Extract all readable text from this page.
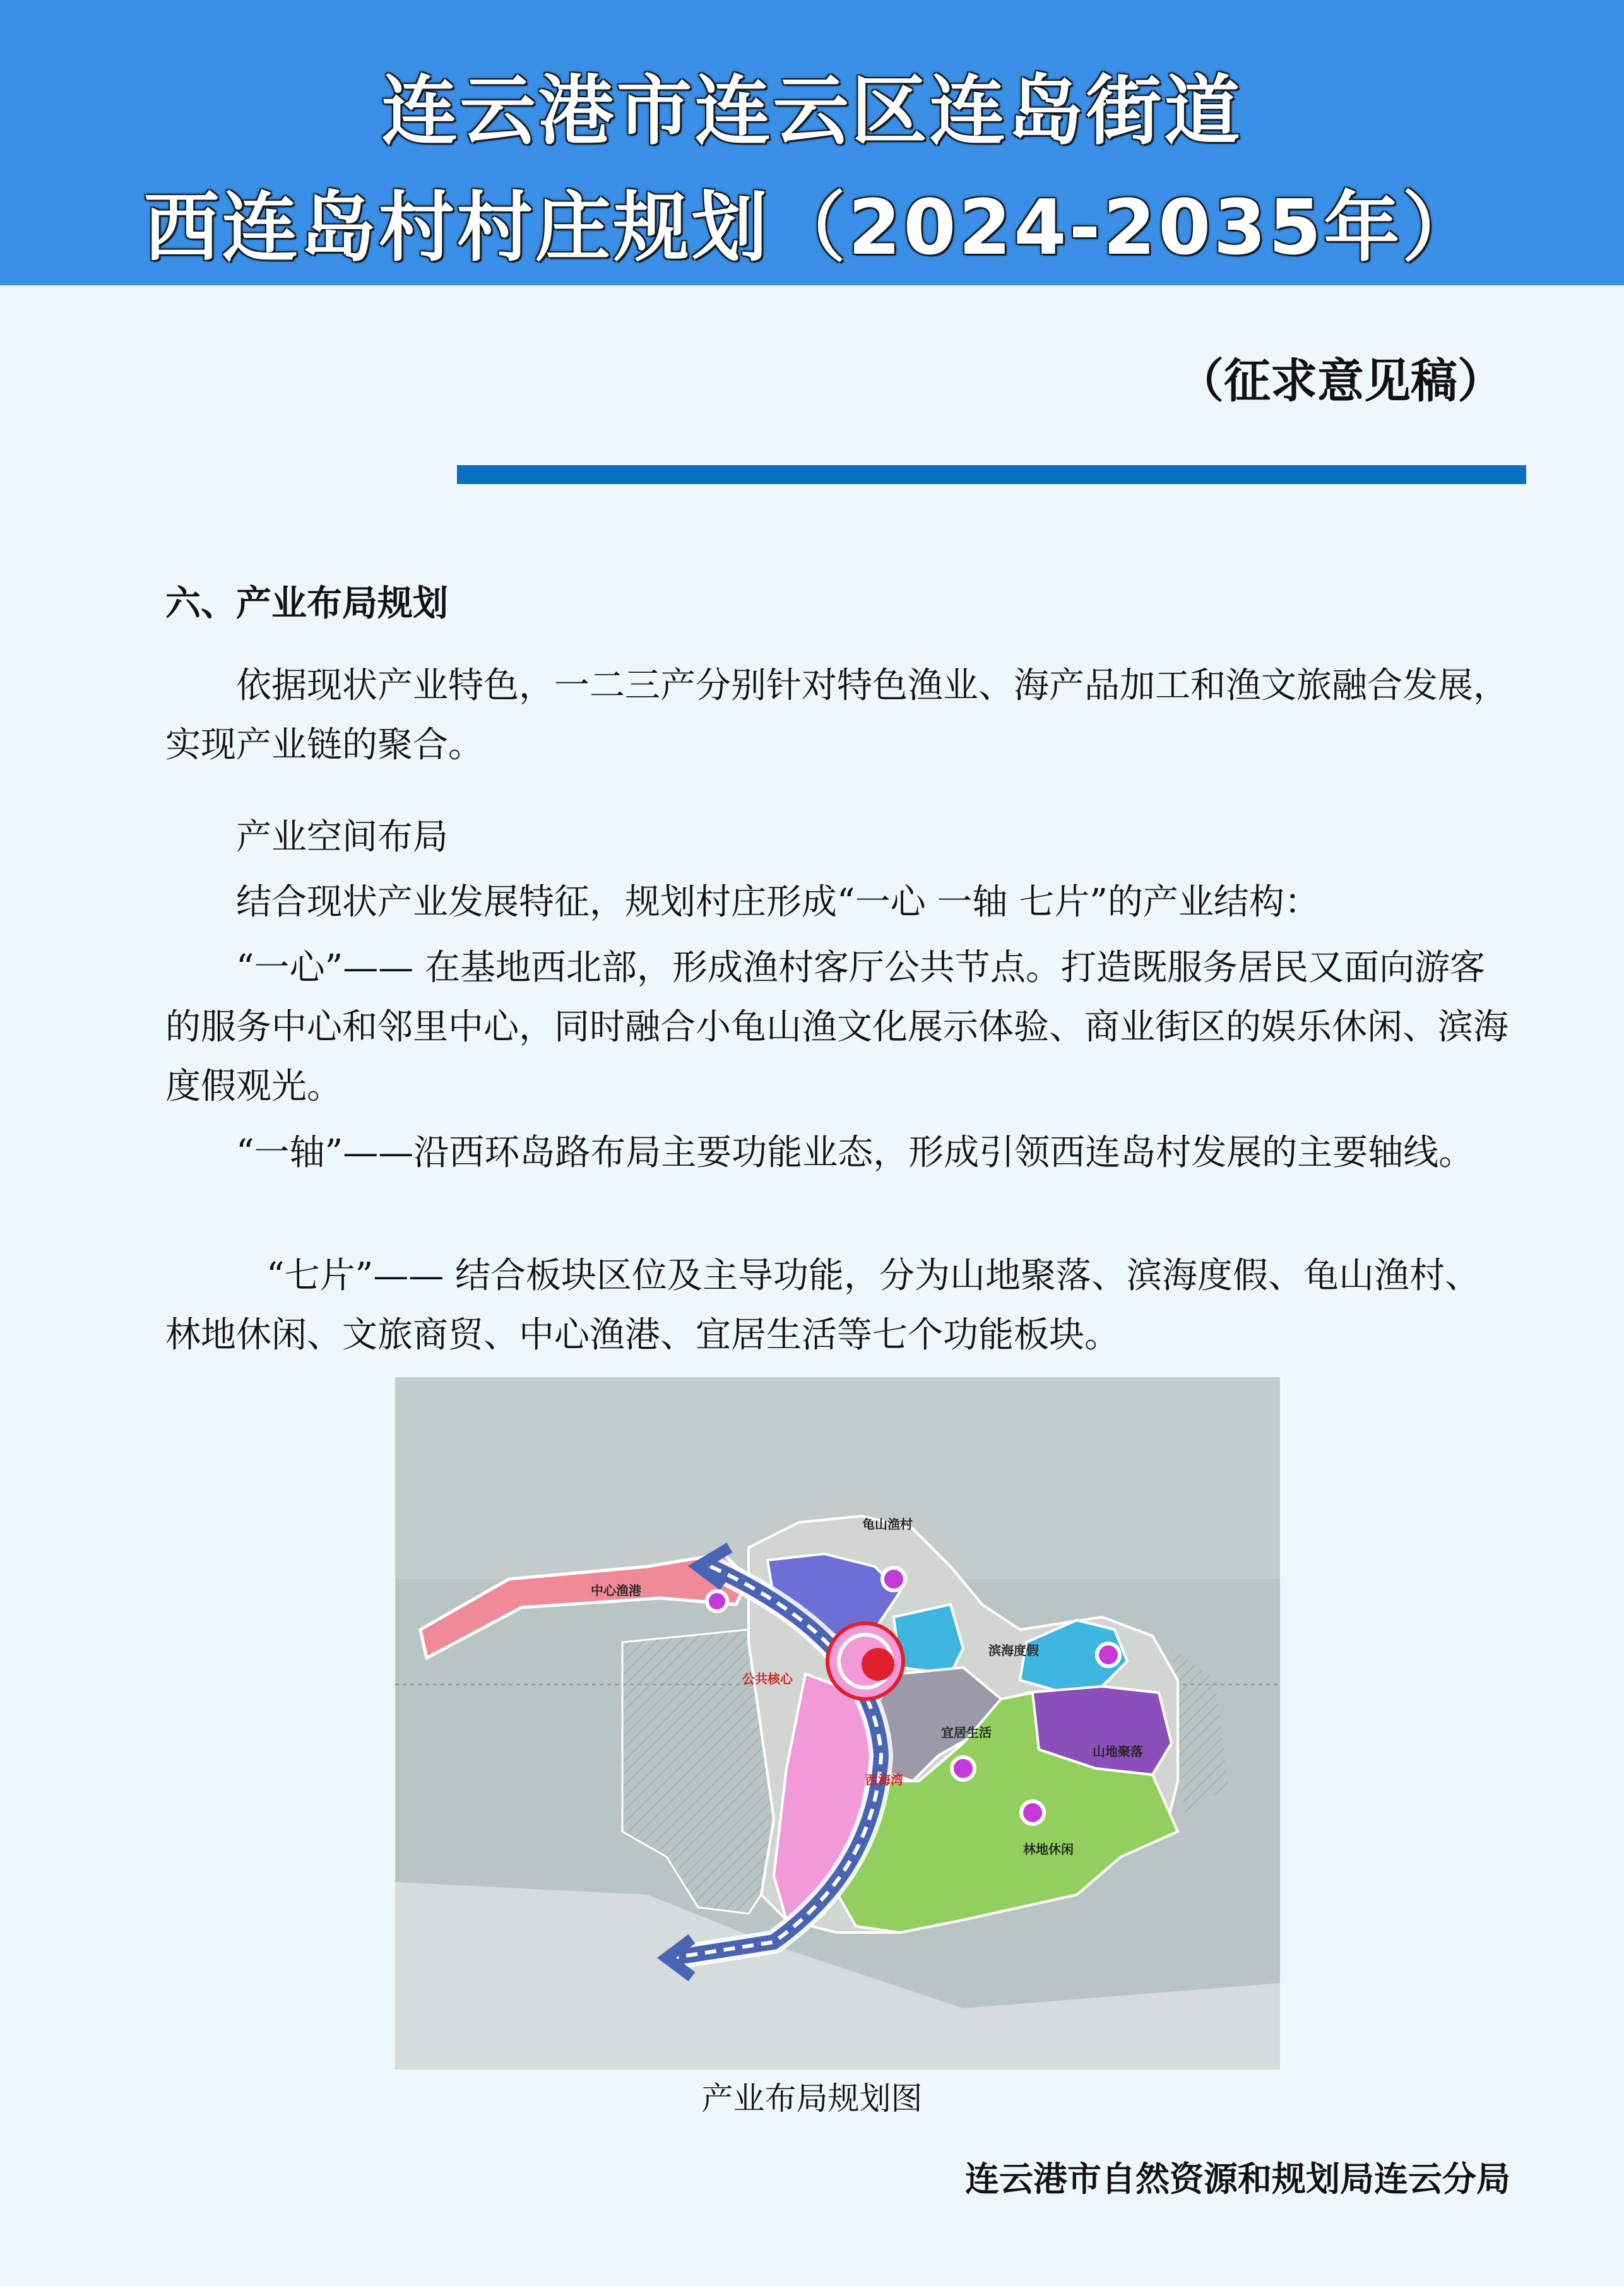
连云港市连云区连岛街道
西连岛村村庄规划（2024-2035年）
（征求意见稿）
六、产业布局规划
依据现状产业特色，一二三产分别针对特色渔业、海产品加工和渔文旅融合发展，实现产业链的聚合。
产业空间布局
结合现状产业发展特征，规划村庄形成“一心 一轴 七片”的产业结构：
“一心”—— 在基地西北部，形成渔村客厅公共节点。打造既服务居民又面向游客的服务中心和邻里中心，同时融合小龟山渔文化展示体验、商业街区的娱乐休闲、滨海度假观光。
“一轴”——沿西环岛路布局主要功能业态，形成引领西连岛村发展的主要轴线。
“七片”—— 结合板块区位及主导功能，分为山地聚落、滨海度假、龟山渔村、林地休闲、文旅商贸、中心渔港、宜居生活等七个功能板块。
龟山渔村
中心渔港
公共核心
滨海度假
宜居生活
山地聚落
西海湾
林地休闲
产业布局规划图
连云港市自然资源和规划局连云分局
